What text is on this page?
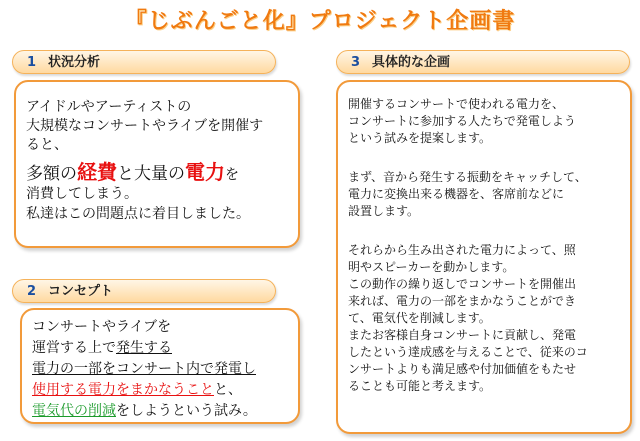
『じぶんごと化』プロジェクト企画書
1 状況分析
アイドルやアーティストの
大規模なコンサートやライブを開催す
ると、
多額の経費と大量の電力を
消費してしまう。
私達はこの問題点に着目しました。
2 コンセプト
コンサートやライブを
運営する上で発生する
電力の一部をコンサート内で発電し
使用する電力をまかなうことと、
電気代の削減をしようという試み。
3 具体的な企画
開催するコンサートで使われる電力を、
コンサートに参加する人たちで発電しよう
という試みを提案します。
まず、音から発生する振動をキャッチして、
電力に変換出来る機器を、客席前などに
設置します。
それらから生み出された電力によって、照
明やスピーカーを動かします。
この動作の繰り返しでコンサートを開催出
来れば、電力の一部をまかなうことができ
て、電気代を削減します。
またお客様自身コンサートに貢献し、発電
したという達成感を与えることで、従来のコ
ンサートよりも満足感や付加価値をもたせ
ることも可能と考えます。
